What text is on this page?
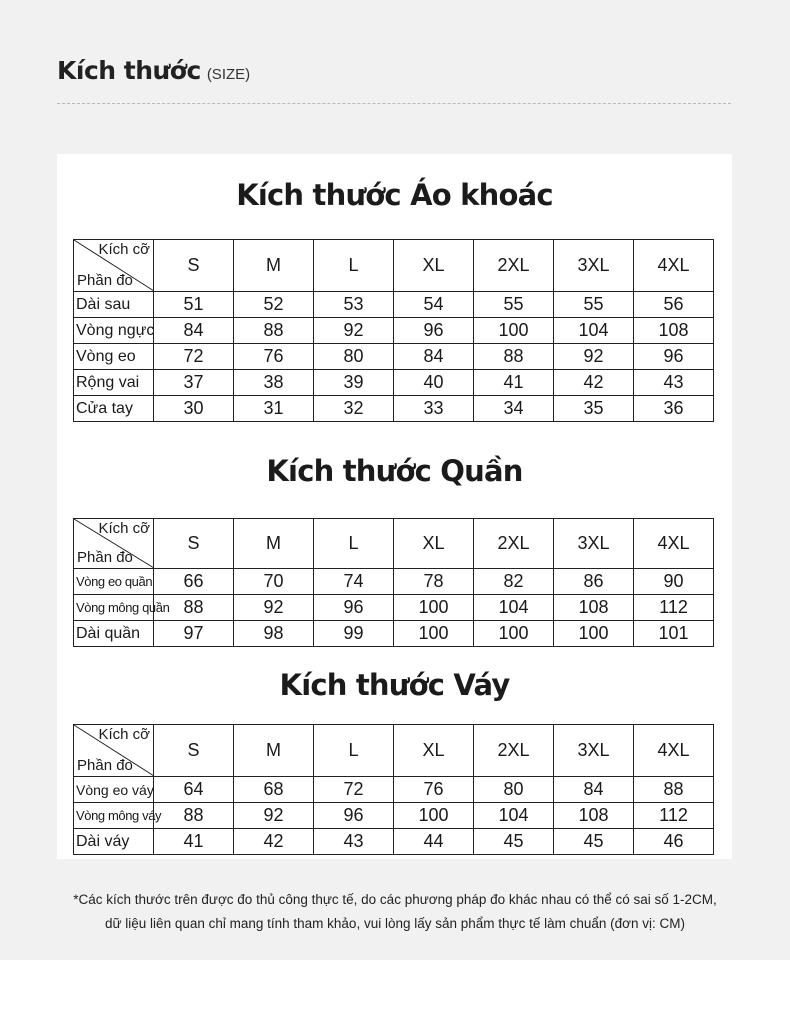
Kích thước (SIZE)
Kích thước Áo khoác
Kích cỡ
Phần đo	S	M	L	XL	2XL	3XL	4XL
Dài sau	51	52	53	54	55	55	56
Vòng ngực	84	88	92	96	100	104	108
Vòng eo	72	76	80	84	88	92	96
Rộng vai	37	38	39	40	41	42	43
Cửa tay	30	31	32	33	34	35	36
Kích thước Quần
Kích cỡ
Phần đo	S	M	L	XL	2XL	3XL	4XL
Vòng eo quần	66	70	74	78	82	86	90
Vòng mông quần	88	92	96	100	104	108	112
Dài quần	97	98	99	100	100	100	101
Kích thước Váy
Kích cỡ
Phần đo	S	M	L	XL	2XL	3XL	4XL
Vòng eo váy	64	68	72	76	80	84	88
Vòng mông váy	88	92	96	100	104	108	112
Dài váy	41	42	43	44	45	45	46
*Các kích thước trên được đo thủ công thực tế, do các phương pháp đo khác nhau có thể có sai số 1-2CM,
dữ liệu liên quan chỉ mang tính tham khảo, vui lòng lấy sản phẩm thực tế làm chuẩn (đơn vị: CM)
